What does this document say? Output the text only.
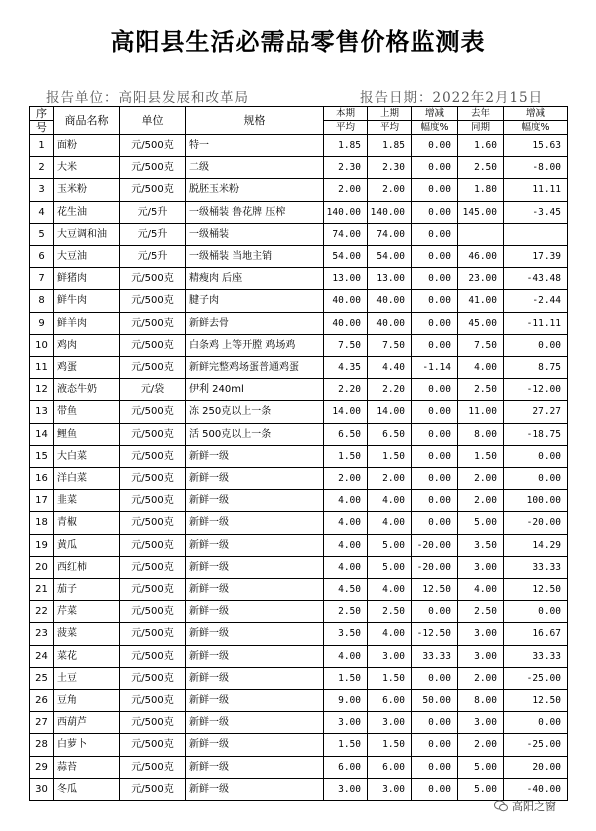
高阳县生活必需品零售价格监测表
报告单位：高阳县发展和改革局	报告日期：2022年2月15日
序	商品名称	单位	规格	本期	上期	增减	去年	增减
号				平均	平均	幅度%	同期	幅度%
1	面粉	元/500克	特一	1.85	1.85	0.00	1.60	15.63
2	大米	元/500克	二级	2.30	2.30	0.00	2.50	-8.00
3	玉米粉	元/500克	脱胚玉米粉	2.00	2.00	0.00	1.80	11.11
4	花生油	元/5升	一级桶装 鲁花牌 压榨	140.00	140.00	0.00	145.00	-3.45
5	大豆调和油	元/5升	一级桶装	74.00	74.00	0.00		
6	大豆油	元/5升	一级桶装 当地主销	54.00	54.00	0.00	46.00	17.39
7	鲜猪肉	元/500克	精瘦肉 后座	13.00	13.00	0.00	23.00	-43.48
8	鲜牛肉	元/500克	腱子肉	40.00	40.00	0.00	41.00	-2.44
9	鲜羊肉	元/500克	新鲜去骨	40.00	40.00	0.00	45.00	-11.11
10	鸡肉	元/500克	白条鸡 上等开膛 鸡场鸡	7.50	7.50	0.00	7.50	0.00
11	鸡蛋	元/500克	新鲜完整鸡场蛋普通鸡蛋	4.35	4.40	-1.14	4.00	8.75
12	液态牛奶	元/袋	伊利 240ml	2.20	2.20	0.00	2.50	-12.00
13	带鱼	元/500克	冻 250克以上一条	14.00	14.00	0.00	11.00	27.27
14	鲤鱼	元/500克	活 500克以上一条	6.50	6.50	0.00	8.00	-18.75
15	大白菜	元/500克	新鲜一级	1.50	1.50	0.00	1.50	0.00
16	洋白菜	元/500克	新鲜一级	2.00	2.00	0.00	2.00	0.00
17	韭菜	元/500克	新鲜一级	4.00	4.00	0.00	2.00	100.00
18	青椒	元/500克	新鲜一级	4.00	4.00	0.00	5.00	-20.00
19	黄瓜	元/500克	新鲜一级	4.00	5.00	-20.00	3.50	14.29
20	西红柿	元/500克	新鲜一级	4.00	5.00	-20.00	3.00	33.33
21	茄子	元/500克	新鲜一级	4.50	4.00	12.50	4.00	12.50
22	芹菜	元/500克	新鲜一级	2.50	2.50	0.00	2.50	0.00
23	菠菜	元/500克	新鲜一级	3.50	4.00	-12.50	3.00	16.67
24	菜花	元/500克	新鲜一级	4.00	3.00	33.33	3.00	33.33
25	土豆	元/500克	新鲜一级	1.50	1.50	0.00	2.00	-25.00
26	豆角	元/500克	新鲜一级	9.00	6.00	50.00	8.00	12.50
27	西葫芦	元/500克	新鲜一级	3.00	3.00	0.00	3.00	0.00
28	白萝卜	元/500克	新鲜一级	1.50	1.50	0.00	2.00	-25.00
29	蒜苔	元/500克	新鲜一级	6.00	6.00	0.00	5.00	20.00
30	冬瓜	元/500克	新鲜一级	3.00	3.00	0.00	5.00	-40.00
高阳之窗
